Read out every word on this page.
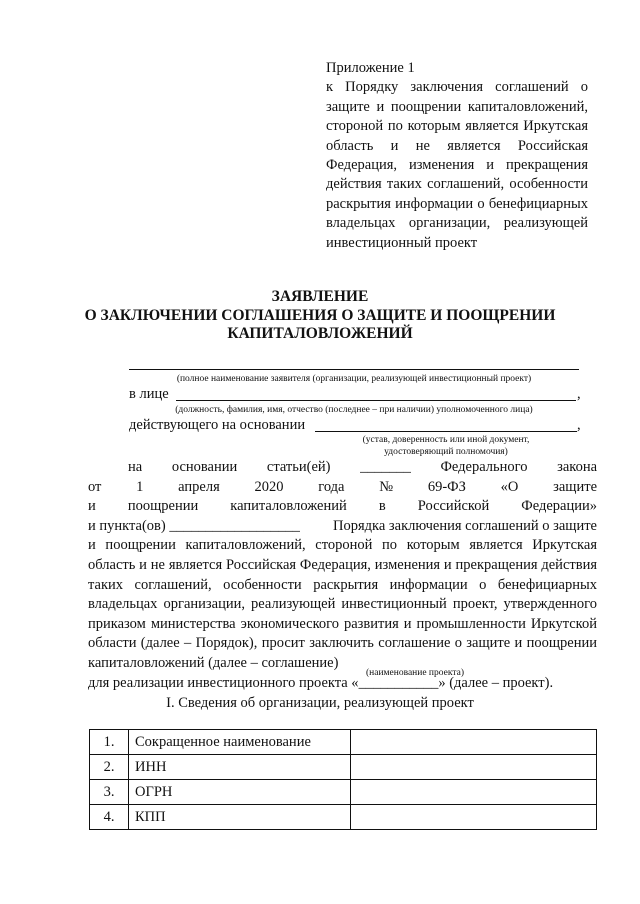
Приложение 1
к Порядку заключения соглашений о защите и поощрении капиталовложений, стороной по которым является Иркутская область и не является Российская Федерация, изменения и прекращения действия таких соглашений, особенности раскрытия информации о бенефициарных владельцах организации, реализующей инвестиционный проект
ЗАЯВЛЕНИЕ
О ЗАКЛЮЧЕНИИ СОГЛАШЕНИЯ О ЗАЩИТЕ И ПООЩРЕНИИ
КАПИТАЛОВЛОЖЕНИЙ
(полное наименование заявителя (организации, реализующей инвестиционный проект)
в лице	,
(должность, фамилия, имя, отчество (последнее – при наличии) уполномоченного лица)
действующего на основании	,
(устав, доверенность или иной документ,
удостоверяющий полномочия)
на основании статьи(ей) _______ Федерального закона
от 1 апреля 2020 года № 69-ФЗ «О защите
и поощрении капиталовложений в Российской Федерации»
и пункта(ов) __________________ Порядка заключения соглашений о защите
и поощрении капиталовложений, стороной по которым является Иркутская область и не является Российская Федерация, изменения и прекращения действия таких соглашений, особенности раскрытия информации о бенефициарных владельцах организации, реализующей инвестиционный проект, утвержденного приказом министерства экономического развития и промышленности Иркутской области (далее – Порядок), просит заключить соглашение о защите и поощрении капиталовложений (далее – соглашение)
для реализации инвестиционного проекта «___________» (далее – проект).
(наименование проекта)
I. Сведения об организации, реализующей проект
1.	Сокращенное наименование	
2.	ИНН	
3.	ОГРН	
4.	КПП	
